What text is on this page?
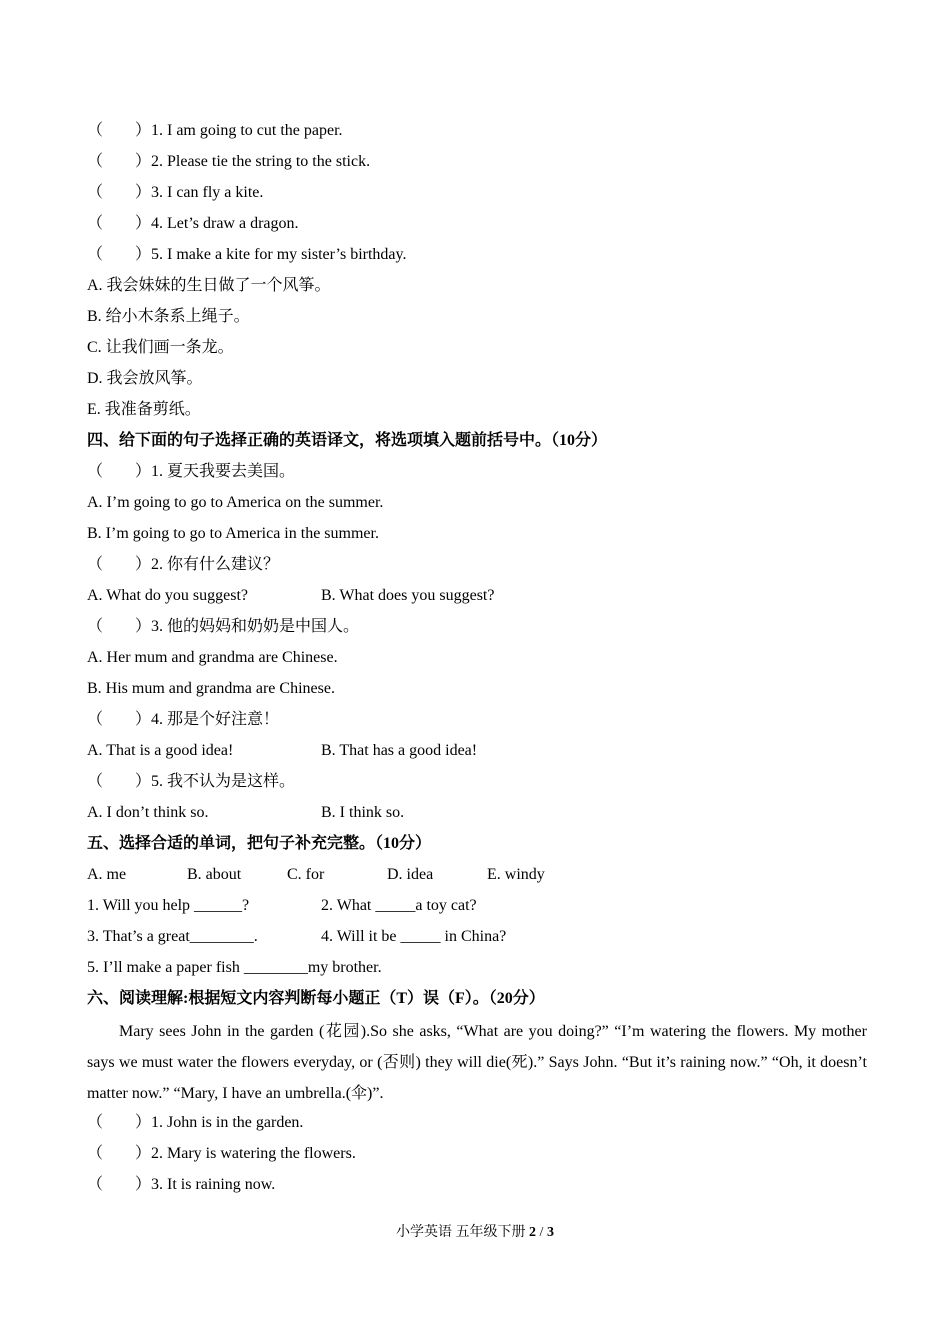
（　　）1. I am going to cut the paper.
（　　）2. Please tie the string to the stick.
（　　）3. I can fly a kite.
（　　）4. Let’s draw a dragon.
（　　）5. I make a kite for my sister’s birthday.
A. 我会妹妹的生日做了一个风筝。
B. 给小木条系上绳子。
C. 让我们画一条龙。
D. 我会放风筝。
E. 我准备剪纸。
四、给下面的句子选择正确的英语译文，将选项填入题前括号中。（10分）
（　　）1. 夏天我要去美国。
A. I’m going to go to America on the summer.
B. I’m going to go to America in the summer.
（　　）2. 你有什么建议？
A. What do you suggest?	B. What does you suggest?
（　　）3. 他的妈妈和奶奶是中国人。
A. Her mum and grandma are Chinese.
B. His mum and grandma are Chinese.
（　　）4. 那是个好注意！
A. That is a good idea!	B. That has a good idea!
（　　）5. 我不认为是这样。
A. I don’t think so.	B. I think so.
五、选择合适的单词，把句子补充完整。（10分）
A. me	B. about	C. for	D. idea	E. windy
1. Will you help ______?	2. What _____a toy cat?
3. That’s a great________.	4. Will it be _____ in China?
5. I’ll make a paper fish ________my brother.
六、阅读理解:根据短文内容判断每小题正（T）误（F）。（20分）
Mary sees John in the garden (花园).So she asks, “What are you doing?” “I’m watering the flowers. My mother says we must water the flowers everyday, or (否则) they will die(死).” Says John. “But it’s raining now.” “Oh, it doesn’t matter now.” “Mary, I have an umbrella.(伞)”.
（　　）1. John is in the garden.
（　　）2. Mary is watering the flowers.
（　　）3. It is raining now.
小学英语 五年级下册 2 / 3
